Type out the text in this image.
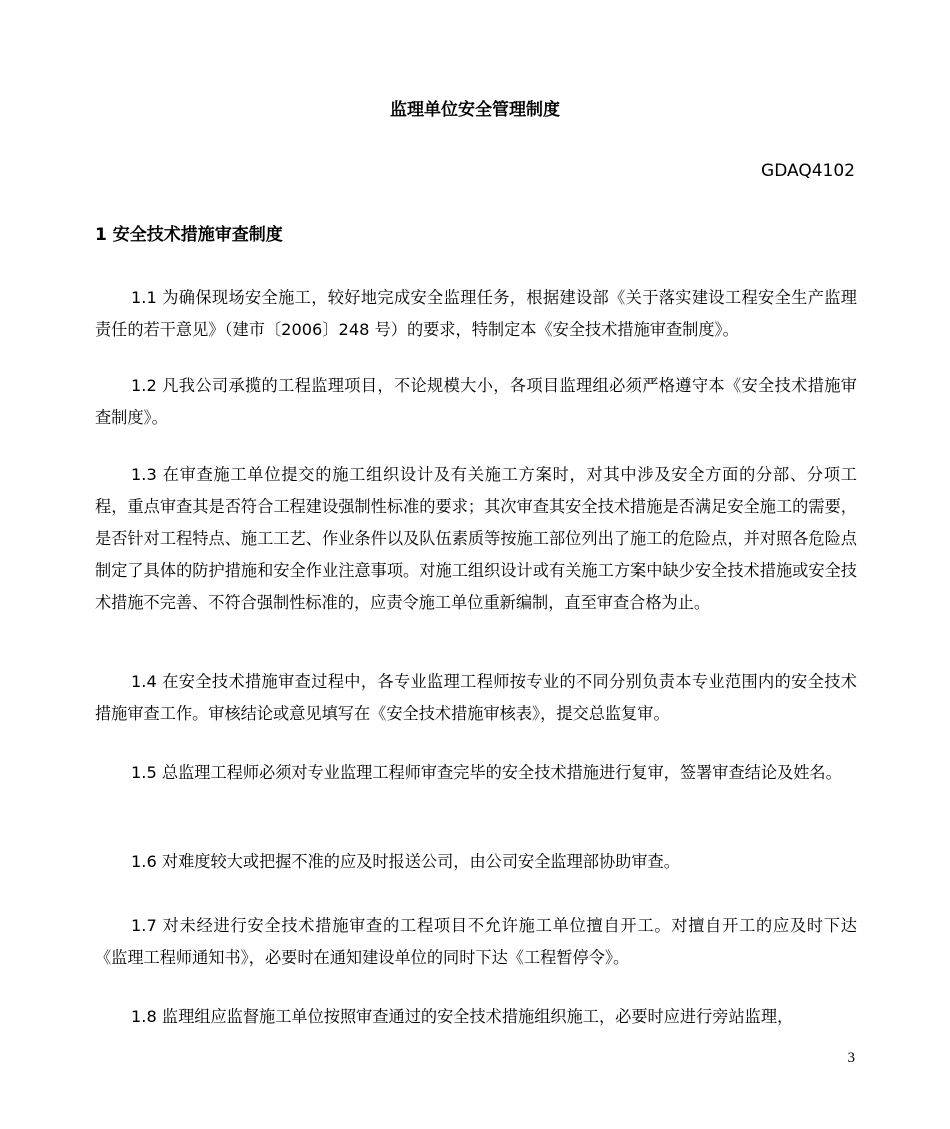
监理单位安全管理制度
GDAQ4102
1 安全技术措施审查制度
1.1 为确保现场安全施工，较好地完成安全监理任务，根据建设部《关于落实建设工程安全生产监理责任的若干意见》（建市〔2006〕248 号）的要求，特制定本《安全技术措施审查制度》。
1.2 凡我公司承揽的工程监理项目，不论规模大小，各项目监理组必须严格遵守本《安全技术措施审查制度》。
1.3 在审查施工单位提交的施工组织设计及有关施工方案时，对其中涉及安全方面的分部、分项工程，重点审查其是否符合工程建设强制性标准的要求；其次审查其安全技术措施是否满足安全施工的需要，是否针对工程特点、施工工艺、作业条件以及队伍素质等按施工部位列出了施工的危险点，并对照各危险点制定了具体的防护措施和安全作业注意事项。对施工组织设计或有关施工方案中缺少安全技术措施或安全技术措施不完善、不符合强制性标准的，应责令施工单位重新编制，直至审查合格为止。
1.4 在安全技术措施审查过程中，各专业监理工程师按专业的不同分别负责本专业范围内的安全技术措施审查工作。审核结论或意见填写在《安全技术措施审核表》，提交总监复审。
1.5 总监理工程师必须对专业监理工程师审查完毕的安全技术措施进行复审，签署审查结论及姓名。
1.6 对难度较大或把握不准的应及时报送公司，由公司安全监理部协助审查。
1.7 对未经进行安全技术措施审查的工程项目不允许施工单位擅自开工。对擅自开工的应及时下达《监理工程师通知书》，必要时在通知建设单位的同时下达《工程暂停令》。
1.8 监理组应监督施工单位按照审查通过的安全技术措施组织施工，必要时应进行旁站监理，
3
